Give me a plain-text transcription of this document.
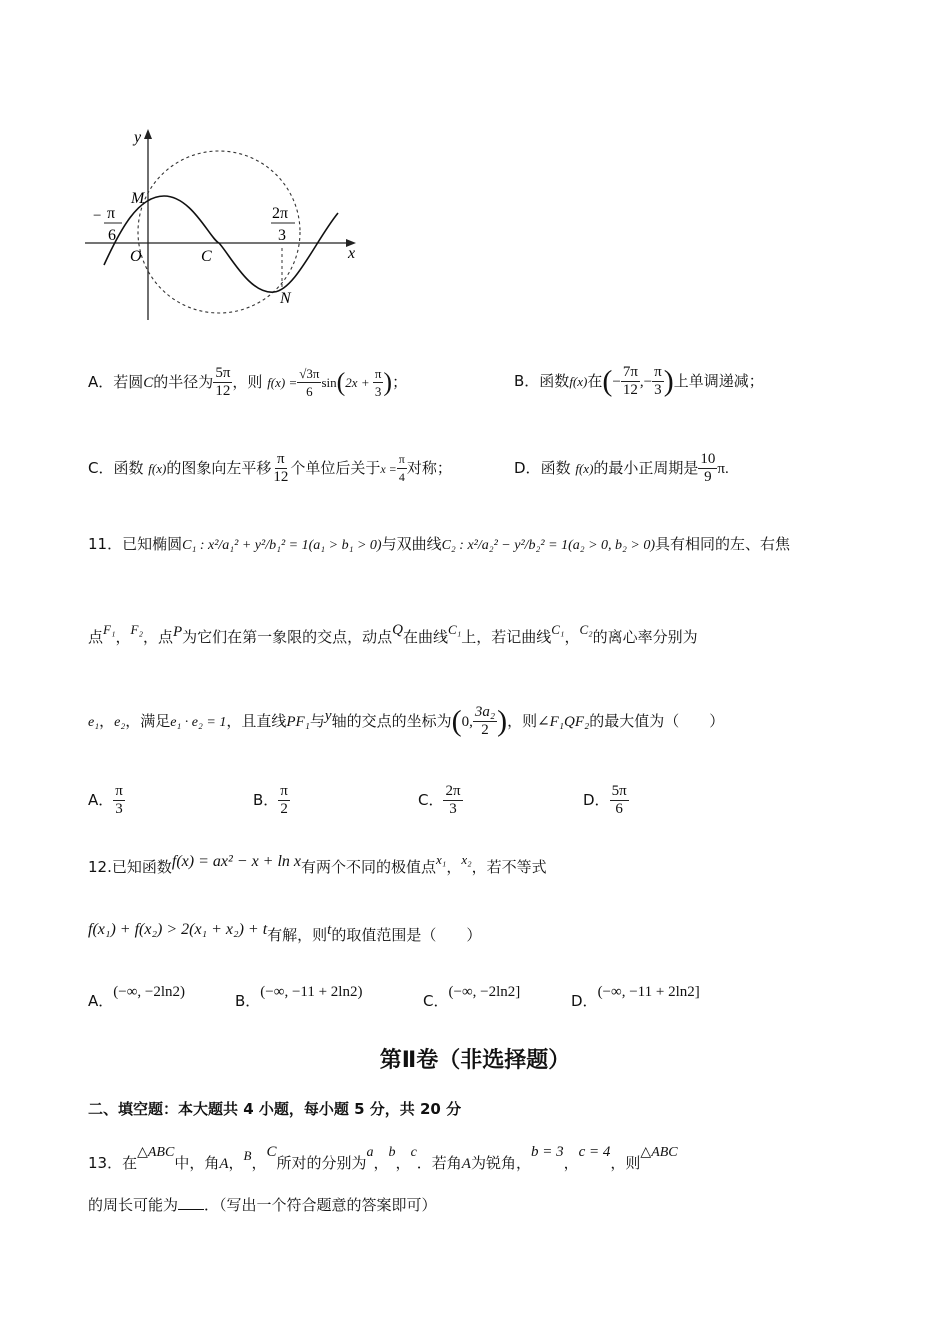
y
x
M
O	C
N
− π
6
2π
3
A．若圆C的半径为 $\frac{5\pi}{12}$ ，则 $f(x) = \frac{√3\pi}{6} \sin(2x + \frac{\pi}{3}$ )；	B．函数f(x)在(− $\frac{7\pi}{12}$ ,− $\frac{\pi}{3}$ )上单调递减；
C．函数 f(x)的图象向左平移 $\frac{\pi}{12}$ 个单位后关于$x = \frac{\pi}{4}$ 对称；	D．函数 f(x)的最小正周期是 $\frac{10}{9} \pi$.
11．已知椭圆C₁ : x²/a₁² + y²/b₁² = 1(a₁ > b₁ > 0)与双曲线C₂ : x²/a₂² − y²/b₂² = 1(a₂ > 0, b₂ > 0)具有相同的左、右焦
点F₁，F₂，点P为它们在第一象限的交点，动点Q在曲线C₁上，若记曲线C₁，C₂的离心率分别为
e₁，e₂，满足e₁ · e₂ = 1，且直线PF₁与y轴的交点的坐标为(0, $\frac{\text{3a₂}}{2}$ )，则∠F₁QF₂的最大值为（　　）
A． $\frac{\pi}{3}$	B． $\frac{\pi}{2}$	C． $\frac{2\pi}{3}$	D． $\frac{5\pi}{6}$
12.已知函数f(x) = ax² − x + ln x有两个不同的极值点x₁，x₂，若不等式
f(x₁) + f(x₂) > 2(x₁ + x₂) + t有解，则t的取值范围是（　　）
A．(−∞, −2ln2)	B．(−∞, −11 + 2ln2)	C．(−∞, −2ln2]	D．(−∞, −11 + 2ln2]
第Ⅱ卷（非选择题）
二、填空题：本大题共 4 小题，每小题 5 分，共 20 分
13．在△ABC中，角A，B，C所对的分别为a，b，c．若角A为锐角，b = 3，c = 4，则△ABC
的周长可能为 ．（写出一个符合题意的答案即可）
